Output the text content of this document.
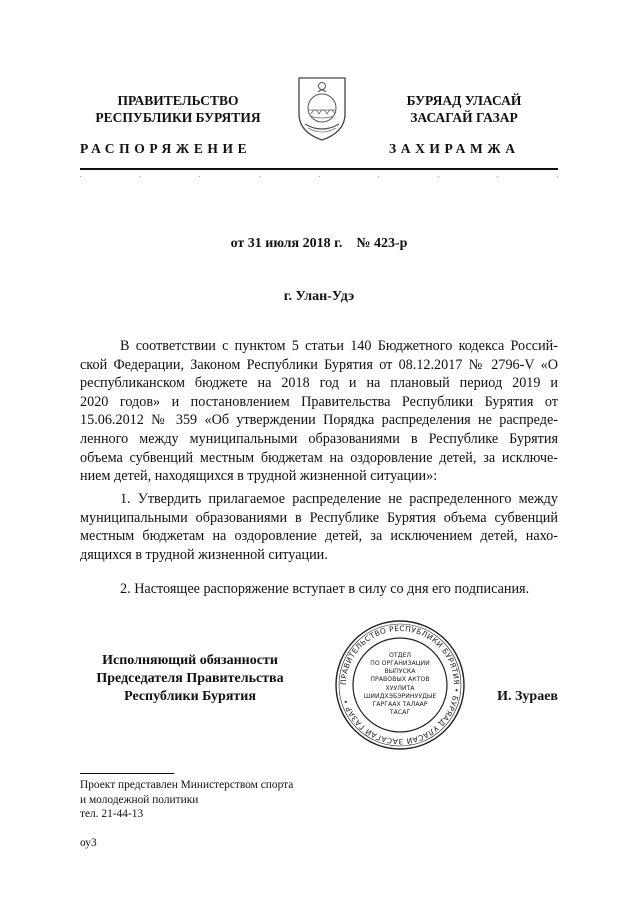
ПРАВИТЕЛЬСТВО
РЕСПУБЛИКИ БУРЯТИЯ
БУРЯАД УЛАСАЙ
ЗАСАГАЙ ГАЗАР
РАСПОРЯЖЕНИЕ	ЗАХИРАМЖА
от 31 июля 2018 г.    № 423-р
г. Улан-Удэ
В соответствии с пунктом 5 статьи 140 Бюджетного кодекса Россий-
ской Федерации, Законом Республики Бурятия от 08.12.2017 № 2796-V «О
республиканском бюджете на 2018 год и на плановый период 2019 и
2020 годов» и постановлением Правительства Республики Бурятия от
15.06.2012 № 359 «Об утверждении Порядка распределения не распреде-
ленного между муниципальными образованиями в Республике Бурятия
объема субвенций местным бюджетам на оздоровление детей, за исключе-
нием детей, находящихся в трудной жизненной ситуации»:
1. Утвердить прилагаемое распределение не распределенного между
муниципальными образованиями в Республике Бурятия объема субвенций
местным бюджетам на оздоровление детей, за исключением детей, нахо-
дящихся в трудной жизненной ситуации.
2. Настоящее распоряжение вступает в силу со дня его подписания.
Исполняющий обязанности
Председателя Правительства
Республики Бурятия	И. Зураев
ПРАВИТЕЛЬСТВО РЕСПУБЛИКИ БУРЯТИЯ • БУРЯАД УЛАСАЙ ЗАСАГАЙ ГАЗАР •
ОТДЕЛ
ПО ОРГАНИЗАЦИИ
ВЫПУСКА
ПРАВОВЫХ АКТОВ
ХУУЛИТА
ШИИДХЭБЭРИНУУДЫЕ
ГАРГААХ ТАЛААР
ТАСАГ
Проект представлен Министерством спорта
и молодежной политики
тел. 21-44-13
оу3
